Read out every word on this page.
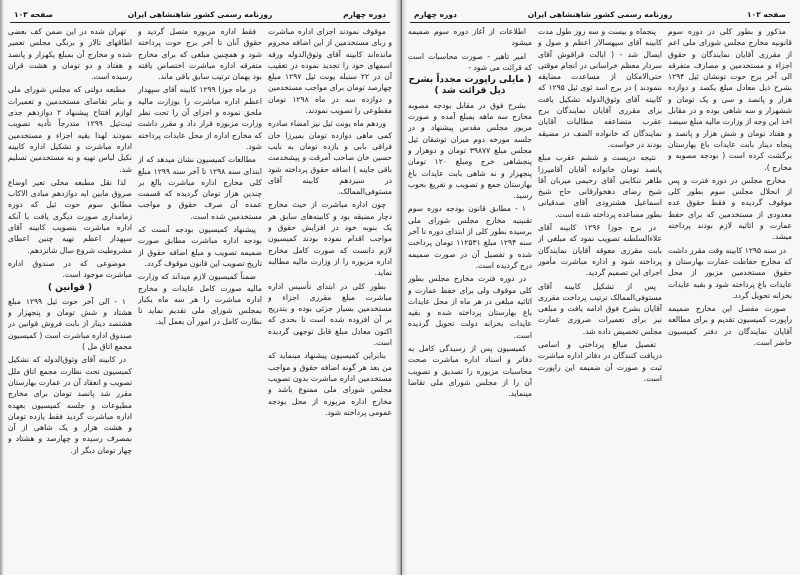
دوره چهارم
روزنامه رسمی کشور شاهنشاهی ایران
صفحه ۱۰۳

موقوف نمودند اجزای اداره مباشرت و ربای مستخدمین از این اضافه محروم مانده‌اند کابینه آقای وثوق‌الدوله ورقه اسمهای خود را تجدید نموده در تعقیب آن در ۲۲ سنبله یونت ئیل ۱۲۹۷ مبلغ چهارصد تومان برای مواجب مستخدمین و دوازده سه در ماه ۱۲۹۸ تومان مقطوعی را تصویب نمودند.

وردهم ماه یونت ئیل نیز امضاء صادره کمی ماهی دوازده تومان بمیرزا خان فراقی بابی و یازده تومان به نایب حسین خان صاحب آمرقت و پیشخدمت باقی جاینه ) اضافه حقوق پرداخته شود در سیزدهم کابینه آقای مستوفی‌الممالک.

چون اداره مباشرت از حیث مخارج دچار مضیقه بود و کابینه‌های سابق هر یک بنوبه خود در افزایش حقوق و مواجب اقدام نموده بودند کمیسیون لازم دانست که صورت کامل مخارج اداره مزبوره را از وزارت مالیه مطالبه نماید.

بطور کلی در ابتدای تأسیس اداره مباشرت مبلغ مقرری اجزاء و مستخدمین بسیار جزئی بوده و بتدریج بر آن افزوده شده است تا بحدی که اکنون معادل مبلغ قابل توجهی گردیده است.

بنابراین کمیسیون پیشنهاد مینماید که من بعد هر گونه اضافه حقوق و مواجب مستخدمین اداره مباشرت بدون تصویب مجلس شورای ملی ممنوع باشد و مخارج اداره مزبوره از محل بودجه عمومی پرداخته شود.

فقط اداره مزبوره متصل گردید و حقوق آنان تا آخر برج حوت پرداخته شود و همچنین مبلغی که برای مخارج متفرقه اداره مباشرت اختصاص یافته بود بهمان ترتیب سابق باقی ماند.

در ماه جوزا ۱۲۹۹ کابینه آقای سپهدار اعظم اداره مباشرت را بوزارت مالیه ملحق نموده و اجزای آن را تحت نظر وزارت مزبوره قرار داد و مقرر داشت که مخارج اداره از محل عایدات پرداخته شود.

مطالعات کمیسیون نشان میدهد که از ابتدای سنه ۱۲۹۸ تا آخر سنه ۱۲۹۹ مبلغ کلی مخارج اداره مباشرت بالغ بر چندین هزار تومان گردیده که قسمت عمده آن صرف حقوق و مواجب مستخدمین شده است.

پیشنهاد کمیسیون بودجه آنست که بودجه اداره مباشرت مطابق صورت ضمیمه تصویب و مبلغ اضافه حقوق از تاریخ تصویب این قانون موقوف گردد.

ضمناً کمیسیون لازم میداند که وزارت مالیه صورت کامل عایدات و مخارج اداره مباشرت را هر سه ماه یکبار بمجلس شورای ملی تقدیم نماید تا نظارت کامل در امور آن بعمل آید.

تهران شده در این ضمن کف بعضی اطاقهای تالار و برنگی مجلس تعمیر شده و مخارج آن بمبلغ یکهزار و پانصد و هفتاد و دو تومان و هشت قران رسیده است.

مطبعه دولتی که مجلس شورای ملی و بنابر تقاضای مستخدمین و تعمیرات لوازم افتتاح پیشنهاد ۲ دوازدهم جدی ئیت‌ئیل ۱۲۹۹ متدرجاً تأدیه تصویب نمودند لهذا بقیه اجزاء و مستخدمین اداره مباشرت و تشکیل اداره کابینه نکیل لباس تهیه و به مستخدمین تسلیم شد.

لذا نقل مطبعه محلی تعیر اوضاع صروق مابین ابه دوازدهم مبادی الاکاب مطابق سوم حوت ئیل که دوره زمامداری صورت دیگری یافت با آنکه اداره مباشرت بتصویب کابینه آقای سپهدار اعظم تهیه چنین اعطای مشروطیت شروع سال شانزدهم.

موضوعی که در صندوق اداره مباشرت موجود است.

( قوانین )

۱ - الی آخر حوت ئیل ۱۲۹۹ مبلغ هشتاد و شش تومان و پنجهزار و هشتصد دینار از بابت فروش قوانین در صندوق اداره مباشرت است ( کمیسیون مجمع اتاق مل )

در کابینه آقای وثوق‌الدوله که تشکیل کمیسیون تحت نظارت مجمع اتاق ملل تصویب و انعقاد آن در عمارت بهارستان مقرر شد پانصد تومان برای مخارج مطبوعات و جلسه کمیسیون بعهده اداره مباشرت گردید فقط یازده تومان و هشت هزار و یک شاهی از آن بمصرف رسیده و چهارصد و هشتاد و چهار تومان دیگر از.

صفحه ۱۰۲
روزنامه رسمی کشور شاهنشاهی ایران
دوره چهارم

مذکور و بطور کلی در دوره سوم قانونیه مخارج مجلس شورای ملی اعم از مقرری آقایان نمایندگان و حقوق اجزاء و مستخدمین و مصارف متفرقه الی آخر برج حوت تونشان ئیل ۱۲۹۴ بشرح ذیل معادل مبلغ یکصد و دوازده هزار و پانصد و سی و یک تومان و ششهزار و سه شاهی بوده و در مقابل اخذ این وجه از وزارت مالیه مبلغ سیصد و هفتاد تومان و شش هزار و پانصد و پنجاه دینار بابت عایدات باغ بهارستان برگشت کرده است ( بودجه مصوبه و مخارج ).

مخارج مجلس در دوره فترت و پس از انحلال مجلس سوم بطور کلی موقوف گردیده و فقط حقوق عده معدودی از مستخدمین که برای حفظ عمارت و اثاثیه لازم بودند پرداخته میشد.

در سنه ۱۲۹۵ کابینه وقت مقرر داشت که مخارج حفاظت عمارت بهارستان و حقوق مستخدمین مزبور از محل عایدات باغ پرداخته شود و بقیه عایدات بخزانه تحویل گردد.

صورت مفصل این مخارج ضمیمه راپورت کمیسیون تقدیم و برای مطالعه آقایان نمایندگان در دفتر کمیسیون حاضر است.

پنجماه و بیست و سه روز طول مدت کابینه آقای سپهسالار اعظم و صول و ایصال شد - ( ایالت قراقوش آقای سردار معظم خراسانی در انجام موقتی حتی‌الامکان از مساعدت مضایقه ننمودند ) در برج اسد ئوی ئیل ۱۲۹۵ که کابینه آقای وثوق‌الدوله تشکیل یافت برای مقرری آقایان نمایندگان برج عقرب متضاعفه مطالبات آقایان نمایندگان که خانواده الضف در مضیقه بودند در خواست.

نتیجه دریست و ششم عقرب مبلغ پانصد تومان خانواده آقایان آقامیرزا طاهر تنکابنی آقای رحیمی میزبان آقا شیخ رضای دهخوارقانی حاج شیخ اسماعیل هشترودی آقای صدقیانی بطور مساعده پرداخته شده است.

در برج جوزا ۱۲۹۶ کابینه آقای علاءالسلطنه تصویب نمود که مبلغی از بابت مقرری معوقه آقایان نمایندگان پرداخته شود و اداره مباشرت مأمور اجرای این تصمیم گردید.

پس از تشکیل کابینه آقای مستوفی‌الممالک ترتیب پرداخت مقرری آقایان بشرح فوق ادامه یافت و مبلغی نیز برای تعمیرات ضروری عمارت مجلس تخصیص داده شد.

تفصیل مبالغ پرداختی و اسامی دریافت کنندگان در دفاتر اداره مباشرت ثبت و صورت آن ضمیمه این راپورت است.

اطلاعات از آغاز دوره سوم ضمیمه میشود

امیر تاهیر - صورت محاسبات است که قرائت می شود -

( مایلی راپورت مجدداً بشرح ذیل قرائت شد )

بشرح فوق در مقابل بودجه مصوبه مخارج سه ماهه بمبلغ آمده و صورت مزبور مجلس مقدس پیشنهاد و در جلسه مورخه دوم میزان توشقان ئیل مجلس مبلغ ۳۹۸۷۷ تومان و دوهزار و پنجشاهی خرج ومبلغ ۱۲۰ تومان پنجهزار و نه شاهی بابت عایدات باغ بهارستان جمع و تصویب و تفریغ بحوب رسید.

۱ - مطابق قانون بودجه دوره سوم تقنینیه مخارج مجلس شورای ملی برسیده بطور کلی از ابتدای دوره تا آخر سنه ۱۲۹۴ مبلغ ۱۱۲۵۳۱ تومان پرداخت شده و تفصیل آن در صورت ضمیمه درج گردیده است.

در دوره فترت مخارج مجلس بطور کلی موقوف ولی برای حفظ عمارت و اثاثیه مبلغی در هر ماه از محل عایدات باغ بهارستان پرداخته شده و بقیه عایدات بخزانه دولت تحویل گردیده است.

کمیسیون پس از رسیدگی کامل به دفاتر و اسناد اداره مباشرت صحت محاسبات مزبوره را تصدیق و تصویب آن را از مجلس شورای ملی تقاضا مینماید.
